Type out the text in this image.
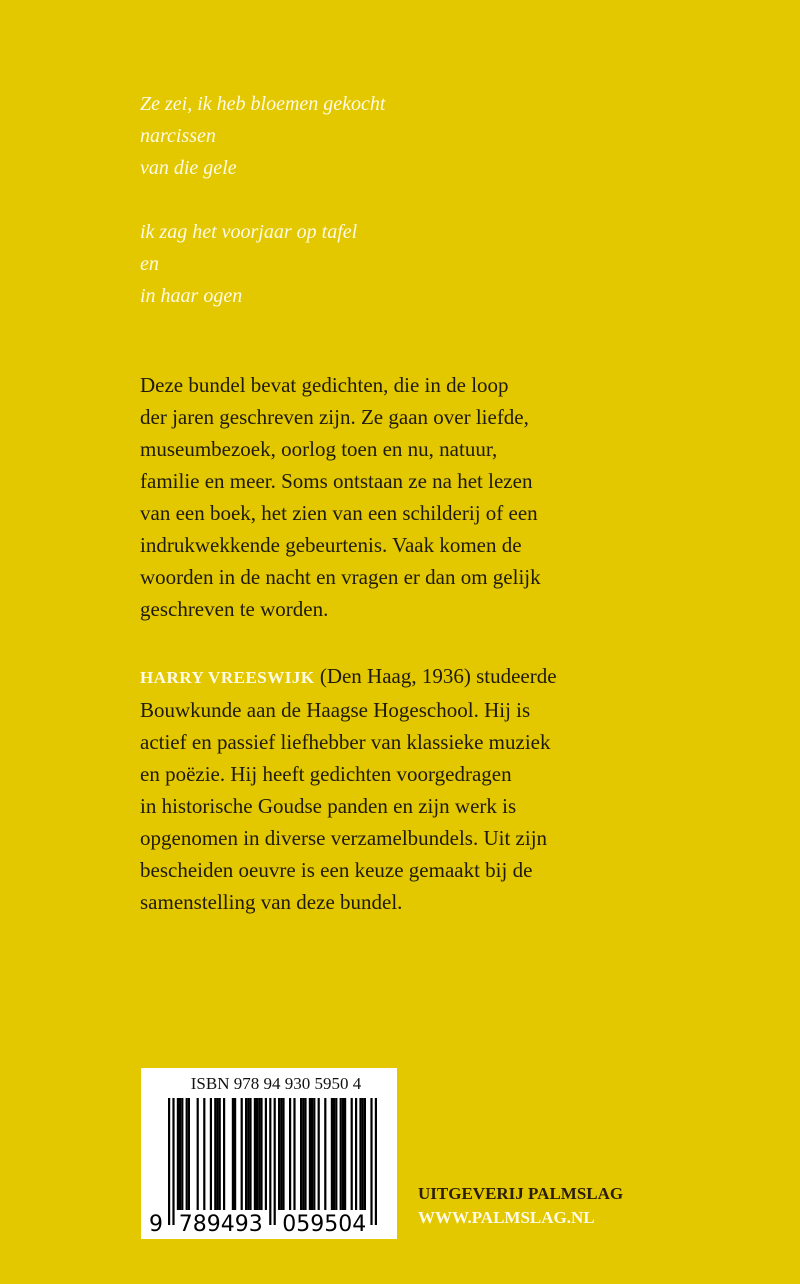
Ze zei, ik heb bloemen gekocht
narcissen
van die gele
ik zag het voorjaar op tafel
en
in haar ogen
Deze bundel bevat gedichten, die in de loop
der jaren geschreven zijn. Ze gaan over liefde,
museumbezoek, oorlog toen en nu, natuur,
familie en meer. Soms ontstaan ze na het lezen
van een boek, het zien van een schilderij of een
indrukwekkende gebeurtenis. Vaak komen de
woorden in de nacht en vragen er dan om gelijk
geschreven te worden.
HARRY VREESWIJK (Den Haag, 1936) studeerde
Bouwkunde aan de Haagse Hogeschool. Hij is
actief en passief liefhebber van klassieke muziek
en poëzie. Hij heeft gedichten voorgedragen
in historische Goudse panden en zijn werk is
opgenomen in diverse verzamelbundels. Uit zijn
bescheiden oeuvre is een keuze gemaakt bij de
samenstelling van deze bundel.
ISBN 978 94 930 5950 4
9 789493 059504
UITGEVERIJ PALMSLAG
WWW.PALMSLAG.NL
